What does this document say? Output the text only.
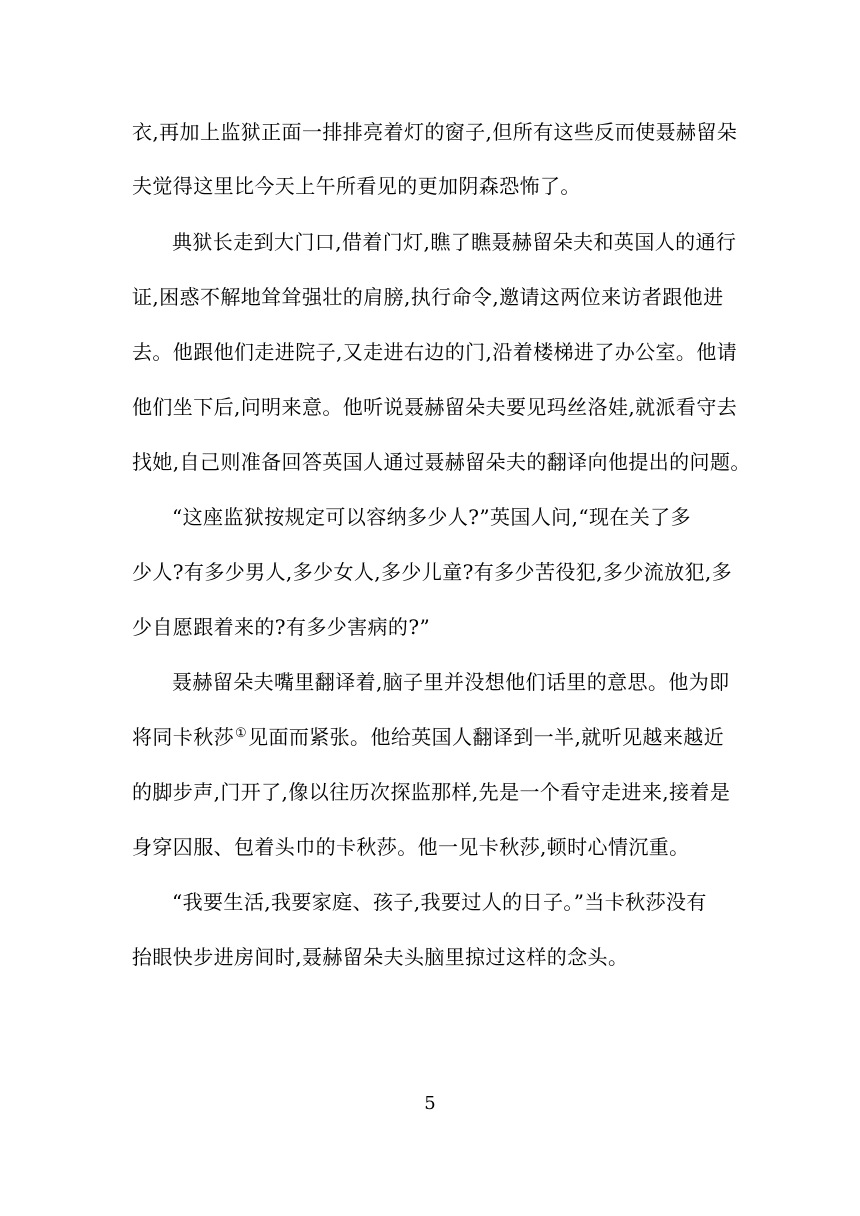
衣,再加上监狱正面一排排亮着灯的窗子,但所有这些反而使聂赫留朵
夫觉得这里比今天上午所看见的更加阴森恐怖了。
典狱长走到大门口,借着门灯,瞧了瞧聂赫留朵夫和英国人的通行
证,困惑不解地耸耸强壮的肩膀,执行命令,邀请这两位来访者跟他进
去。他跟他们走进院子,又走进右边的门,沿着楼梯进了办公室。他请
他们坐下后,问明来意。他听说聂赫留朵夫要见玛丝洛娃,就派看守去
找她,自己则准备回答英国人通过聂赫留朵夫的翻译向他提出的问题。
“这座监狱按规定可以容纳多少人?”英国人问,“现在关了多
少人?有多少男人,多少女人,多少儿童?有多少苦役犯,多少流放犯,多
少自愿跟着来的?有多少害病的?”
聂赫留朵夫嘴里翻译着,脑子里并没想他们话里的意思。他为即
将同卡秋莎①见面而紧张。他给英国人翻译到一半,就听见越来越近
的脚步声,门开了,像以往历次探监那样,先是一个看守走进来,接着是
身穿囚服、包着头巾的卡秋莎。他一见卡秋莎,顿时心情沉重。
“我要生活,我要家庭、孩子,我要过人的日子。”当卡秋莎没有
抬眼快步进房间时,聂赫留朵夫头脑里掠过这样的念头。
5
